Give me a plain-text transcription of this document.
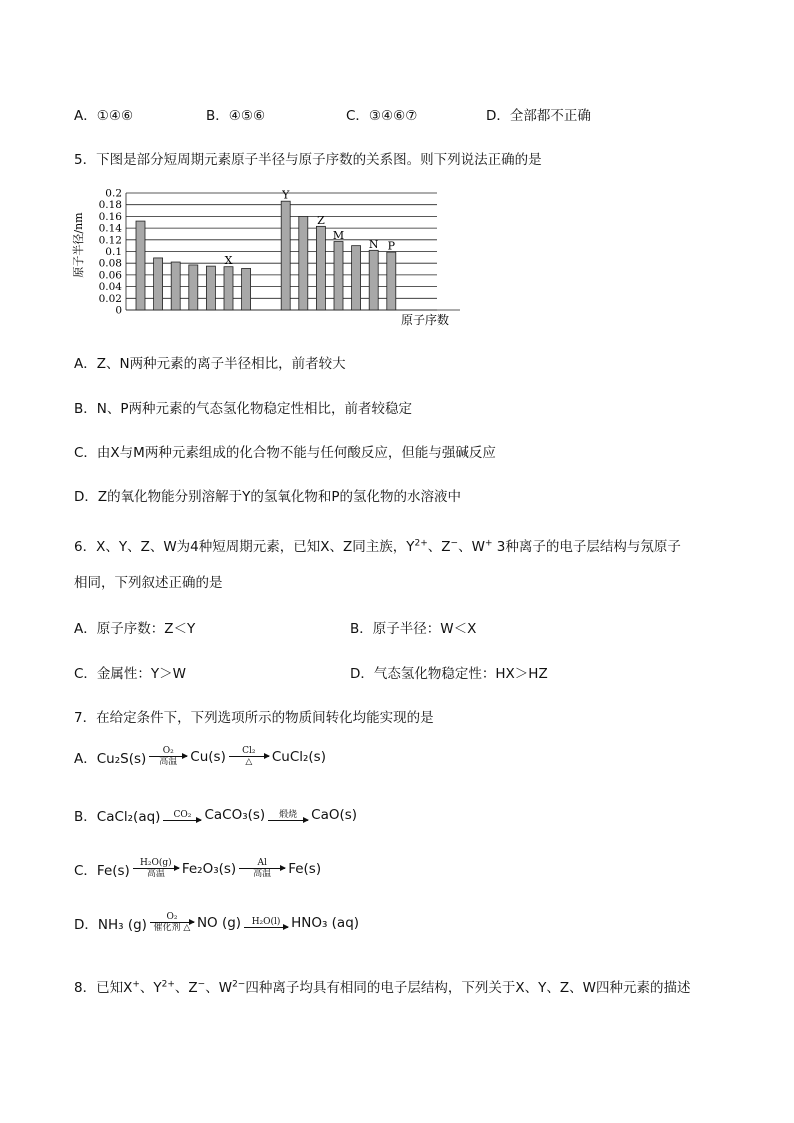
A．①④⑥	B．④⑤⑥	C．③④⑥⑦	D．全部都不正确
5．下图是部分短周期元素原子半径与原子序数的关系图。则下列说法正确的是
0
0.02
0.04
0.06
0.08
0.1
0.12
0.14
0.16
0.18
0.2
X
Y
Z
M
N P
原子半径/nm
原子序数
A．Z、N两种元素的离子半径相比，前者较大
B．N、P两种元素的气态氢化物稳定性相比，前者较稳定
C．由X与M两种元素组成的化合物不能与任何酸反应，但能与强碱反应
D．Z的氧化物能分别溶解于Y的氢氧化物和P的氢化物的水溶液中
6．X、Y、Z、W为4种短周期元素，已知X、Z同主族，$Y^{2+}$、Z−、W+ 3种离子的电子层结构与氖原子
相同，下列叙述正确的是
A．原子序数：Z＜Y	B．原子半径：W＜X
C．金属性：Y＞W	D．气态氢化物稳定性：HX＞HZ
7．在给定条件下，下列选项所示的物质间转化均能实现的是
A．Cu₂S(s) O₂
高温 Cu(s) Cl₂
△ CuCl₂(s)
B．CaCl₂(aq) CO₂ CaCO₃(s) 煅烧 CaO(s)
C．Fe(s) H₂O(g)
高温 Fe₂O₃(s) Al
高温 Fe(s)
D．NH₃ (g) O₂
催化剂 △ NO (g) H₂O(l) HNO₃ (aq)
8．已知X+、$Y^{2+}$、Z−、$W^{2-}$四种离子均具有相同的电子层结构，下列关于X、Y、Z、W四种元素的描述
